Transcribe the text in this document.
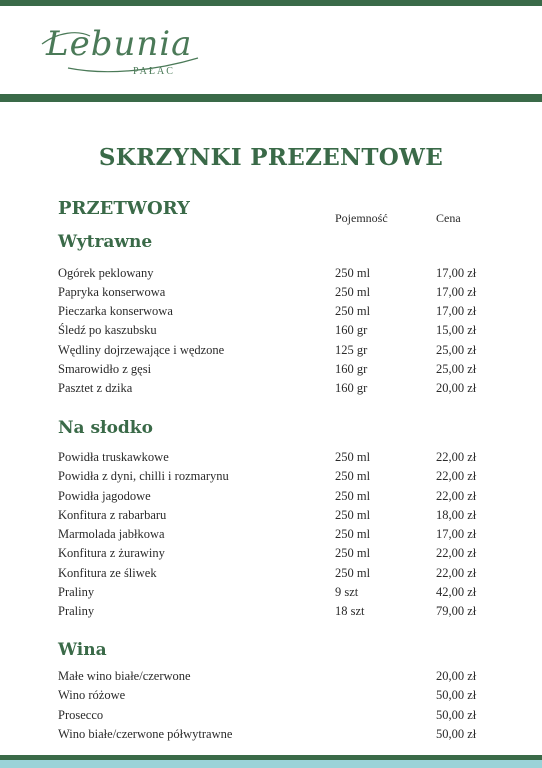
Lebunia
PAŁAC
SKRZYNKI PREZENTOWE
PRZETWORY	Pojemność	Cena
Wytrawne
Ogórek peklowany	250 ml	17,00 zł
Papryka konserwowa	250 ml	17,00 zł
Pieczarka konserwowa	250 ml	17,00 zł
Śledź po kaszubsku	160 gr	15,00 zł
Wędliny dojrzewające i wędzone	125 gr	25,00 zł
Smarowidło z gęsi	160 gr	25,00 zł
Pasztet z dzika	160 gr	20,00 zł
Na słodko
Powidła truskawkowe	250 ml	22,00 zł
Powidła z dyni, chilli i rozmarynu	250 ml	22,00 zł
Powidła jagodowe	250 ml	22,00 zł
Konfitura z rabarbaru	250 ml	18,00 zł
Marmolada jabłkowa	250 ml	17,00 zł
Konfitura z żurawiny	250 ml	22,00 zł
Konfitura ze śliwek	250 ml	22,00 zł
Praliny	9 szt	42,00 zł
Praliny	18 szt	79,00 zł
Wina
Małe wino białe/czerwone	20,00 zł
Wino różowe	50,00 zł
Prosecco	50,00 zł
Wino białe/czerwone półwytrawne	50,00 zł
